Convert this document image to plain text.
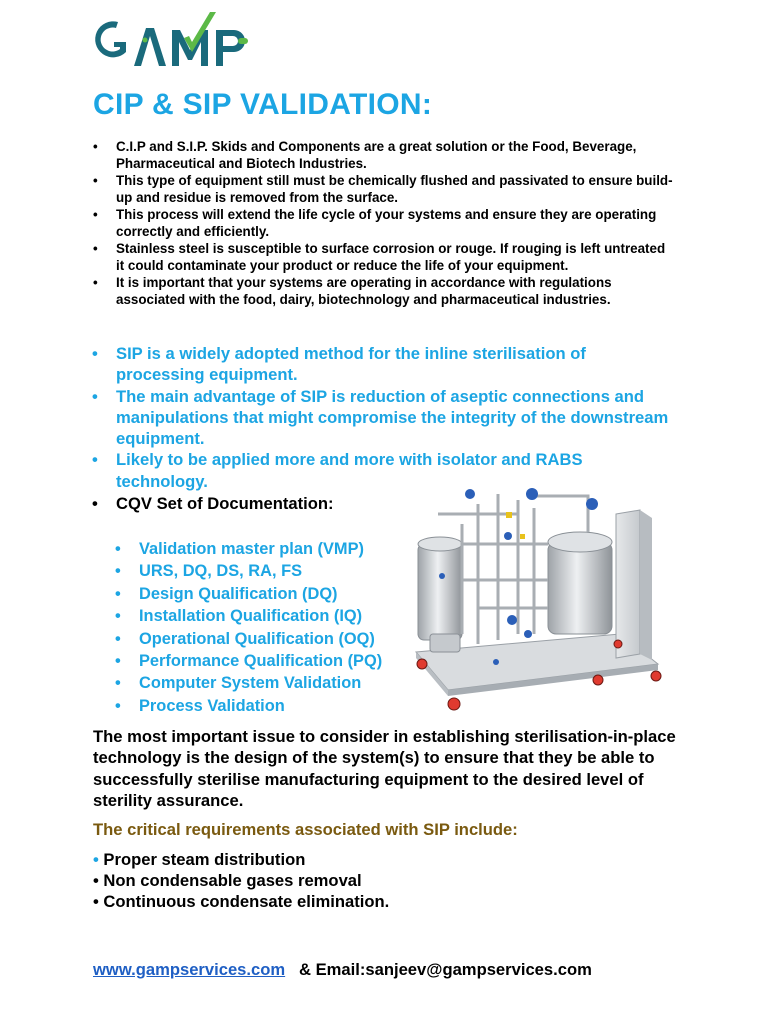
CIP & SIP VALIDATION:
• C.I.P and S.I.P. Skids and Components are a great solution or the Food, Beverage, Pharmaceutical and Biotech Industries.
• This type of equipment still must be chemically flushed and passivated to ensure build-up and residue is removed from the surface.
• This process will extend the life cycle of your systems and ensure they are operating correctly and efficiently.
• Stainless steel is susceptible to surface corrosion or rouge. If rouging is left untreated it could contaminate your product or reduce the life of your equipment.
• It is important that your systems are operating in accordance with regulations associated with the food, dairy, biotechnology and pharmaceutical industries.
• SIP is a widely adopted method for the inline sterilisation of processing equipment.
• The main advantage of SIP is reduction of aseptic connections and manipulations that might compromise the integrity of the downstream equipment.
• Likely to be applied more and more with isolator and RABS technology.

• CQV Set of Documentation:

• Validation master plan (VMP)
• URS, DQ, DS, RA, FS
• Design Qualification (DQ)
• Installation Qualification (IQ)
• Operational Qualification (OQ)
• Performance Qualification (PQ)
• Computer System Validation
• Process Validation

The most important issue to consider in establishing sterilisation-in-place technology is the design of the system(s) to ensure that they be able to successfully sterilise manufacturing equipment to the desired level of sterility assurance.

The critical requirements associated with SIP include:

• Proper steam distribution
• Non condensable gases removal
• Continuous condensate elimination.

www.gampservices.com & Email:sanjeev@gampservices.com
